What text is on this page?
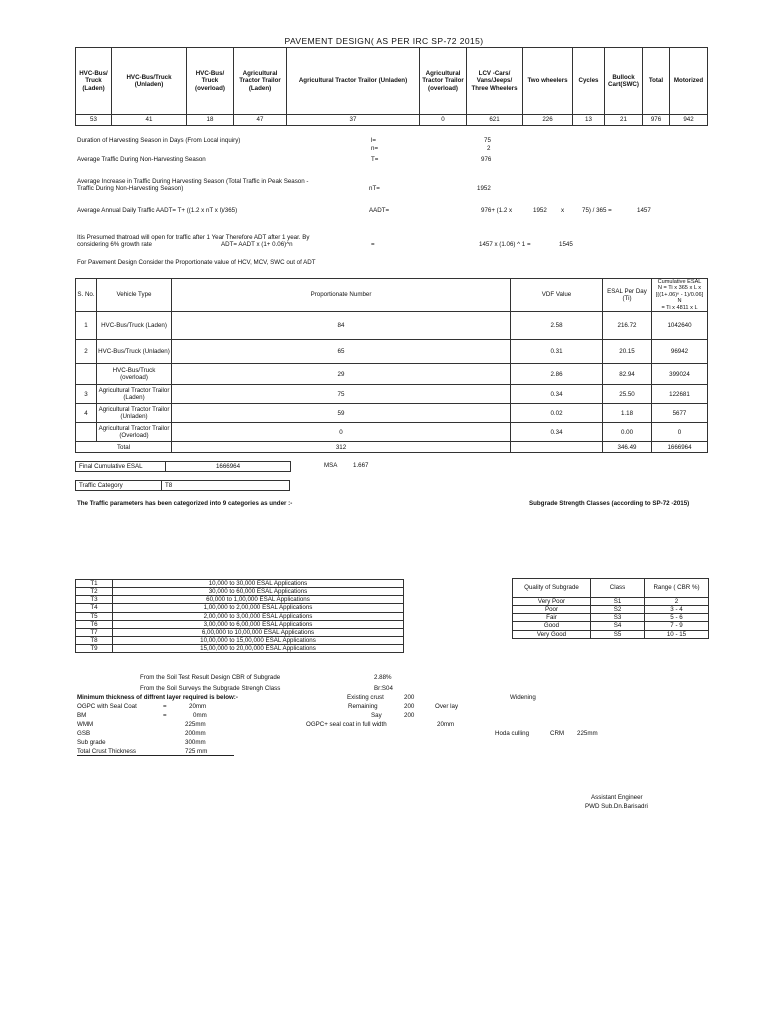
PAVEMENT DESIGN( AS PER IRC SP-72 2015)
HVC-Bus/ Truck (Laden)	HVC-Bus/Truck (Unladen)	HVC-Bus/ Truck (overload)	Agricultural Tractor Trailor (Laden)	Agricultural Tractor Trailor (Unladen)	Agricultural Tractor Trailor (overload)	LCV -Cars/ Vans/Jeeps/ Three Wheelers	Two wheelers	Cycles	Bullock Cart(SWC)	Total	Motorized
53	41	18	47	37	0	621	226	13	21	976	942
Duration of Harvesting Season in Days (From Local inquiry)	l=	75
n=	2
Average Traffic During Non-Harvesting Season	T=	976
Average Increase in Traffic During Harvesting Season (Total Traffic in Peak Season -
Traffic During Non-Harvesting Season)	nT=	1952
Average Annual Daily Traffic AADT= T+ ((1.2 x nT x l)/365)	AADT=	976+ (1.2 x	1952 x	75) / 365 =	1457
Itis Presumed thatroad will open for traffic after 1 Year Therefore ADT after 1 year. By
considering 6% growth rate	ADT= AADT x (1+ 0.06)^n	=	1457 x (1.06) ^ 1 =	1545
For Pavement Design Consider the Proportionate value of HCV, MCV, SWC out of ADT
S. No.	Vehicle Type	Proportionate Number	VDF Value	ESAL Per Day (Ti)	Cumulative ESAL
N = Ti x 365 x L x [((1+.06)ⁿ - 1)/0.06]
N
= Ti x 4811 x L

1	HVC-Bus/Truck (Laden)	84	2.58	216.72	1042640
2	HVC-Bus/Truck (Unladen)	65	0.31	20.15	96942
	HVC-Bus/Truck (overload)	29	2.86	82.94	399024
3	Agricultural Tractor Trailor (Laden)	75	0.34	25.50	122681
4	Agricultural Tractor Trailor (Unladen)	59	0.02	1.18	5677
	Agricultural Tractor Trailor (Overload)	0	0.34	0.00	0
Total		312		346.49	1666964
Final Cumulative ESAL	1666964	MSA	1.667
Traffic Category	T8
The Traffic parameters has been categorized into 9 categories as under :-	Subgrade Strength Classes (according to SP-72 -2015)
T1	10,000 to 30,000 ESAL Applications
T2	30,000 to 60,000 ESAL Applications
T3	60,000 to 1,00,000 ESAL Applications
T4	1,00,000 to 2,00,000 ESAL Applications
T5	2,00,000 to 3,00,000 ESAL Applications
T6	3,00,000 to 6,00,000 ESAL Applications
T7	6,00,000 to 10,00,000 ESAL Applications
T8	10,00,000 to 15,00,000 ESAL Applications
T9	15,00,000 to 20,00,000 ESAL Applications
Quality of Subgrade	Class	Range ( CBR %)
Very Poor	S1	2
Poor	S2	3 - 4
Fair	S3	5 - 6
Good	S4	7 - 9
Very Good	S5	10 - 15
From the Soil Test Result Design CBR of Subgrade	2.88%
From the Soil Surveys the Subgrade Strengh Class	Br:S04
Minimum thickness of diffrent layer required is below:-	Existing crust	200	Widening
OGPC with Seal Coat	=	20mm	Remaining	200	Over lay
BM	=	0mm	Say	200
WMM	225mm	OGPC+ seal coat in full width	20mm
GSB	200mm	Hoda culling	CRM 225mm
Sub grade	300mm
Total Crust Thickness	725 mm
Assistant Engineer
PWD Sub.Dn.Barisadri
